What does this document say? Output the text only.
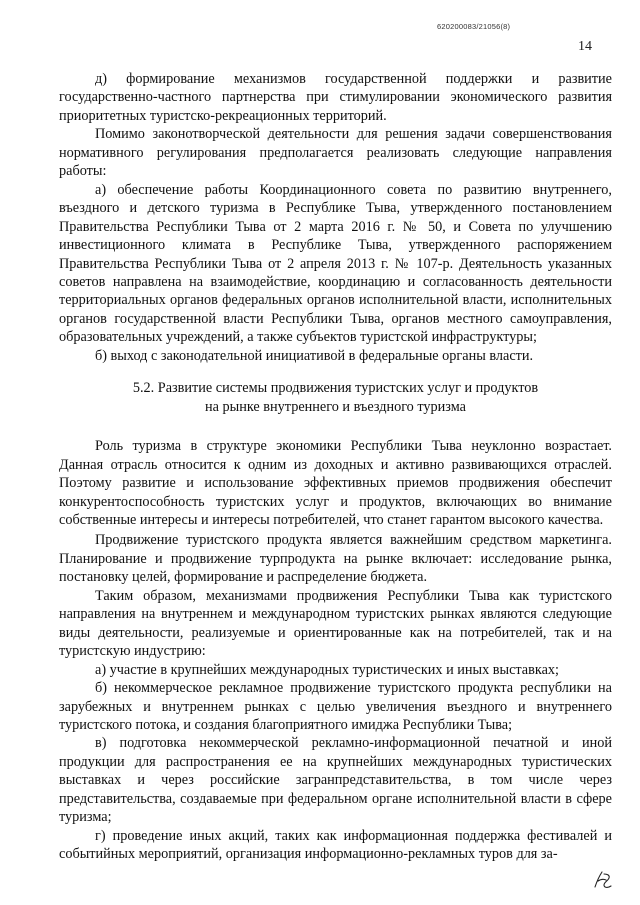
620200083/21056(8)
14

д) формирование механизмов государственной поддержки и развитие государственно-частного партнерства при стимулировании экономического развития приоритетных туристско-рекреационных территорий.

Помимо законотворческой деятельности для решения задачи совершенствования нормативного регулирования предполагается реализовать следующие направления работы:

а) обеспечение работы Координационного совета по развитию внутреннего, въездного и детского туризма в Республике Тыва, утвержденного постановлением Правительства Республики Тыва от 2 марта 2016 г. № 50, и Совета по улучшению инвестиционного климата в Республике Тыва, утвержденного распоряжением Правительства Республики Тыва от 2 апреля 2013 г. № 107-р. Деятельность указанных советов направлена на взаимодействие, координацию и согласованность деятельности территориальных органов федеральных органов исполнительной власти, исполнительных органов государственной власти Республики Тыва, органов местного самоуправления, образовательных учреждений, а также субъектов туристской инфраструктуры;

б) выход с законодательной инициативой в федеральные органы власти.

5.2. Развитие системы продвижения туристских услуг и продуктов
на рынке внутреннего и въездного туризма

Роль туризма в структуре экономики Республики Тыва неуклонно возрастает. Данная отрасль относится к одним из доходных и активно развивающихся отраслей. Поэтому развитие и использование эффективных приемов продвижения обеспечит конкурентоспособность туристских услуг и продуктов, включающих во внимание собственные интересы и интересы потребителей, что станет гарантом высокого качества.

Продвижение туристского продукта является важнейшим средством маркетинга. Планирование и продвижение турпродукта на рынке включает: исследование рынка, постановку целей, формирование и распределение бюджета.

Таким образом, механизмами продвижения Республики Тыва как туристского направления на внутреннем и международном туристских рынках являются следующие виды деятельности, реализуемые и ориентированные как на потребителей, так и на туристскую индустрию:

а) участие в крупнейших международных туристических и иных выставках;

б) некоммерческое рекламное продвижение туристского продукта республики на зарубежных и внутреннем рынках с целью увеличения въездного и внутреннего туристского потока, и создания благоприятного имиджа Республики Тыва;

в) подготовка некоммерческой рекламно-информационной печатной и иной продукции для распространения ее на крупнейших международных туристических выставках и через российские загранпредставительства, в том числе через представительства, создаваемые при федеральном органе исполнительной власти в сфере туризма;

г) проведение иных акций, таких как информационная поддержка фестивалей и событийных мероприятий, организация информационно-рекламных туров для за-
